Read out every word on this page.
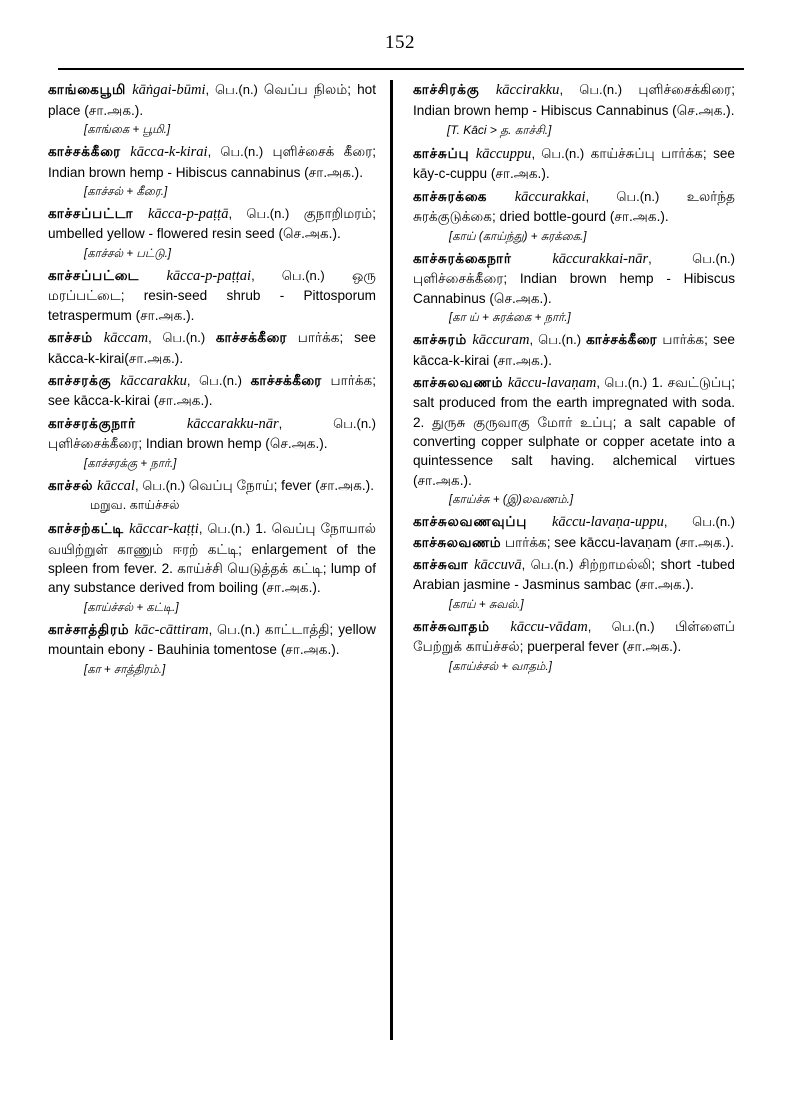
152

காங்கைபூமி kāṅgai-būmi, பெ.(n.) வெப்ப நிலம்; hot place (சா.அக.).

[காங்கை + பூமி.]

காச்சக்கீரை kācca-k-kirai, பெ.(n.) புளிச்சைக் கீரை; Indian brown hemp - Hibiscus cannabinus (சா.அக.).

[காச்சல் + கீரை.]

காச்சப்பட்டா kācca-p-paṭṭā, பெ.(n.) குநாறிமரம்; umbelled yellow - flowered resin seed (செ.அக.).

[காச்சல் + பட்டு.]

காச்சப்பட்டை kācca-p-paṭṭai, பெ.(n.) ஒரு மரப்பட்டை; resin-seed shrub - Pittosporum tetraspermum (சா.அக.).

காச்சம் kāccam, பெ.(n.) காச்சக்கீரை பார்க்க; see kācca-k-kirai(சா.அக.).

காச்சரக்கு kāccarakku, பெ.(n.) காச்சக்கீரை பார்க்க; see kācca-k-kirai (சா.அக.).

காச்சரக்குநார்	kāccarakku-nār, பெ.(n.) புளிச்சைக்கீரை; Indian brown hemp (செ.அக.).

[காச்சரக்கு + நார்.]

காச்சல் kāccal, பெ.(n.) வெப்பு நோய்; fever (சா.அக.).

மறுவ. காய்ச்சல்

காச்சற்கட்டி kāccar-kaṭṭi, பெ.(n.) 1. வெப்பு நோயால் வயிற்றுள் காணும் ஈரற் கட்டி; enlargement of the spleen from fever. 2. காய்ச்சி யெடுத்தக் கட்டி; lump of any substance derived from boiling (சா.அக.).

[காய்ச்சல் + கட்டி.]

காச்சாத்திரம் kāc-cāttiram, பெ.(n.) காட்டாத்தி; yellow mountain ebony - Bauhinia tomentose (சா.அக.).

[கா + சாத்திரம்.]

காச்சிரக்கு kāccirakku, பெ.(n.) புளிச்சைக்கிரை; Indian brown hemp - Hibiscus Cannabinus (செ.அக.).

[T. Kāci > த. காச்சி.]

காச்சுப்பு kāccuppu, பெ.(n.) காய்ச்சுப்பு பார்க்க; see kāy-c-cuppu (சா.அக.).

காச்சுரக்கை kāccurakkai, பெ.(n.) உலர்ந்த சுரக்குடுக்கை; dried bottle-gourd (சா.அக.).

[காய் (காய்ந்து) + சுரக்கை.]

காச்சுரக்கைநார்	kāccurakkai-nār, பெ.(n.) புளிச்சைக்கீரை; Indian brown hemp - Hibiscus Cannabinus (செ.அக.).

[கா ய் + சுரக்கை + நார்.]

காச்சுரம் kāccuram, பெ.(n.) காச்சக்கீரை பார்க்க; see kācca-k-kirai (சா.அக.).

காச்சுலவணம் kāccu-lavaṇam, பெ.(n.) 1. சவட்டுப்பு; salt produced from the earth impregnated with soda. 2. துருசு குருவாகு மோர் உப்பு; a salt capable of converting copper sulphate or copper acetate into a quintessence salt having. alchemical virtues (சா.அக.).

[காய்ச்சு + (இ)லவணம்.]

காச்சுலவணவுப்பு kāccu-lavaṇa-uppu, பெ.(n.) காச்சுலவணம் பார்க்க; see kāccu-lavaṇam (சா.அக.).

காச்சுவா kāccuvā, பெ.(n.) சிற்றாமல்லி; short -tubed Arabian jasmine - Jasminus sambac (சா.அக.).

[காய் + சுவல்.]

காச்சுவாதம் kāccu-vādam, பெ.(n.) பிள்ளைப் பேற்றுக் காய்ச்சல்; puerperal fever (சா.அக.).

[காய்ச்சல் + வாதம்.]
